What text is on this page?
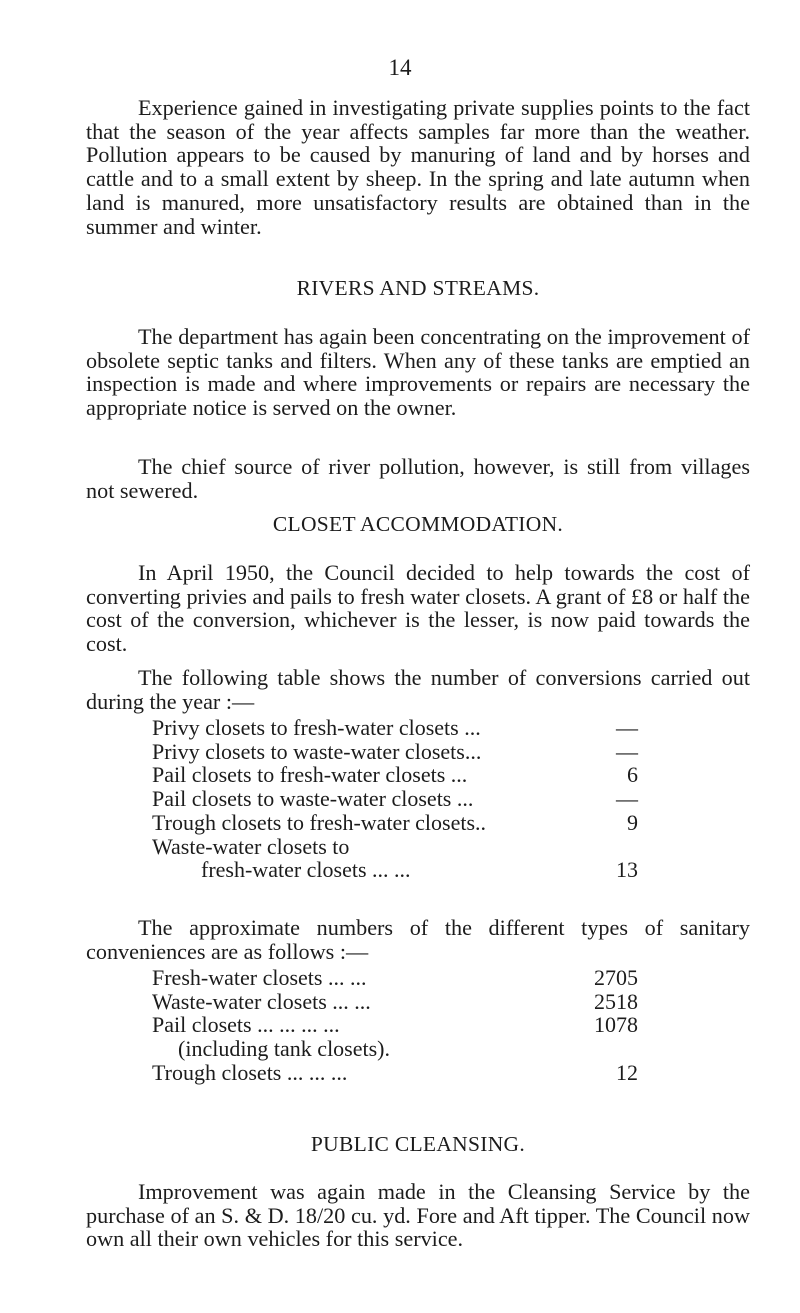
14

Experience gained in investigating private supplies points to the fact that the season of the year affects samples far more than the weather. Pollution appears to be caused by manuring of land and by horses and cattle and to a small extent by sheep. In the spring and late autumn when land is manured, more unsatisfactory results are obtained than in the summer and winter.

RIVERS AND STREAMS.

The department has again been concentrating on the improvement of obsolete septic tanks and filters. When any of these tanks are emptied an inspection is made and where improvements or repairs are necessary the appropriate notice is served on the owner.

The chief source of river pollution, however, is still from villages not sewered.

CLOSET ACCOMMODATION.

In April 1950, the Council decided to help towards the cost of converting privies and pails to fresh water closets. A grant of £8 or half the cost of the conversion, whichever is the lesser, is now paid towards the cost.

The following table shows the number of conversions carried out during the year :—

Privy closets to fresh-water closets ...	—
Privy closets to waste-water closets...	—
Pail closets to fresh-water closets ...	6
Pail closets to waste-water closets ...	—
Trough closets to fresh-water closets..	9
Waste-water closets to	
fresh-water closets ... ...	13

The approximate numbers of the different types of sanitary conveniences are as follows :—

Fresh-water closets ... ...	2705
Waste-water closets ... ...	2518
Pail closets ... ... ... ...	1078
(including tank closets).	
Trough closets ... ... ...	12
PUBLIC CLEANSING.

Improvement was again made in the Cleansing Service by the purchase of an S. & D. 18/20 cu. yd. Fore and Aft tipper. The Council now own all their own vehicles for this service.
